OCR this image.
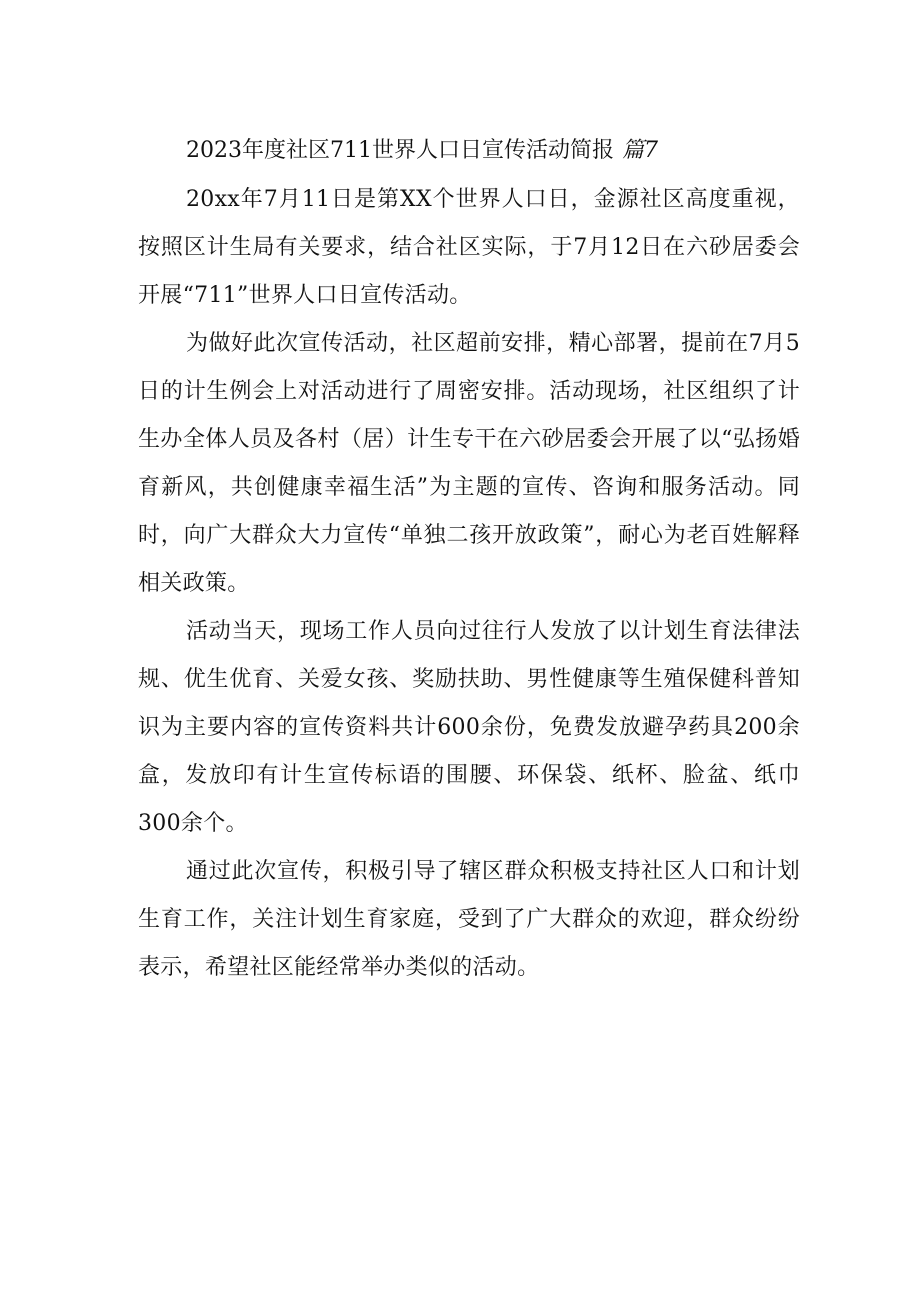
2023年度社区711世界人口日宣传活动简报 篇7

20xx年7月11日是第XX个世界人口日，金源社区高度重视，按照区计生局有关要求，结合社区实际，于7月12日在六砂居委会开展“711”世界人口日宣传活动。

为做好此次宣传活动，社区超前安排，精心部署，提前在7月5日的计生例会上对活动进行了周密安排。活动现场，社区组织了计生办全体人员及各村（居）计生专干在六砂居委会开展了以“弘扬婚育新风，共创健康幸福生活”为主题的宣传、咨询和服务活动。同时，向广大群众大力宣传“单独二孩开放政策”，耐心为老百姓解释相关政策。

活动当天，现场工作人员向过往行人发放了以计划生育法律法规、优生优育、关爱女孩、奖励扶助、男性健康等生殖保健科普知识为主要内容的宣传资料共计600余份，免费发放避孕药具200余盒，发放印有计生宣传标语的围腰、环保袋、纸杯、脸盆、纸巾300余个。

通过此次宣传，积极引导了辖区群众积极支持社区人口和计划生育工作，关注计划生育家庭，受到了广大群众的欢迎，群众纷纷表示，希望社区能经常举办类似的活动。
